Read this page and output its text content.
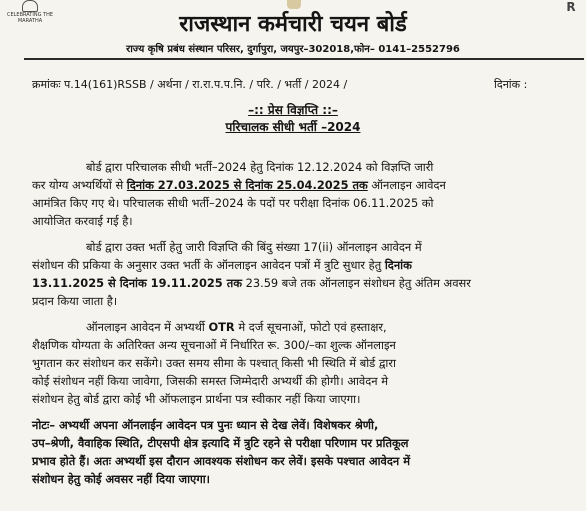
CELEBRATING THE MARATHA
R
राजस्थान कर्मचारी चयन बोर्ड
राज्य कृषि प्रबंध संस्थान परिसर, दुर्गापुरा, जयपुर–302018,फोन– 0141–2552796
क्रमांकः प.14(161)RSSB / अर्थना / रा.रा.प.प.नि. / परि. / भर्ती / 2024 /	दिनांक :
–:: प्रेस विज्ञप्ति ::–
परिचालक सीधी भर्ती –2024
बोर्ड द्वारा परिचालक सीधी भर्ती–2024 हेतु दिनांक 12.12.2024 को विज्ञप्ति जारी
कर योग्य अभ्यर्थियों से दिनांक 27.03.2025 से दिनांक 25.04.2025 तक ऑनलाइन आवेदन
आमंत्रित किए गए थे। परिचालक सीधी भर्ती–2024 के पदों पर परीक्षा दिनांक 06.11.2025 को
आयोजित करवाई गई है।
बोर्ड द्वारा उक्त भर्ती हेतु जारी विज्ञप्ति की बिंदु संख्या 17(ii) ऑनलाइन आवेदन में
संशोधन की प्रकिया के अनुसार उक्त भर्ती के ऑनलाइन आवेदन पत्रों में त्रुटि सुधार हेतु दिनांक
13.11.2025 से दिनांक 19.11.2025 तक 23.59 बजे तक ऑनलाइन संशोधन हेतु अंतिम अवसर
प्रदान किया जाता है।
ऑनलाइन आवेदन में अभ्यर्थी OTR मे दर्ज सूचनाओं, फोटो एवं हस्ताक्षर,
शैक्षणिक योग्यता के अतिरिक्त अन्य सूचनाओं में निर्धारित रू. 300/–का शुल्क ऑनलाइन
भुगतान कर संशोधन कर सकेंगे। उक्त समय सीमा के पश्चात् किसी भी स्थिति में बोर्ड द्वारा
कोई संशोधन नहीं किया जावेगा, जिसकी समस्त जिम्मेदारी अभ्यर्थी की होगी। आवेदन मे
संशोधन हेतु बोर्ड द्वारा कोई भी ऑफलाइन प्रार्थना पत्र स्वीकार नहीं किया जाएगा।
नोटः– अभ्यर्थी अपना ऑनलाईन आवेदन पत्र पुनः ध्यान से देख लेवें। विशेषकर श्रेणी,
उप–श्रेणी, वैवाहिक स्थिति, टीएसपी क्षेत्र इत्यादि में त्रुटि रहने से परीक्षा परिणाम पर प्रतिकूल
प्रभाव होते हैं। अतः अभ्यर्थी इस दौरान आवश्यक संशोधन कर लेवें। इसके पश्चात आवेदन में
संशोधन हेतु कोई अवसर नहीं दिया जाएगा।
